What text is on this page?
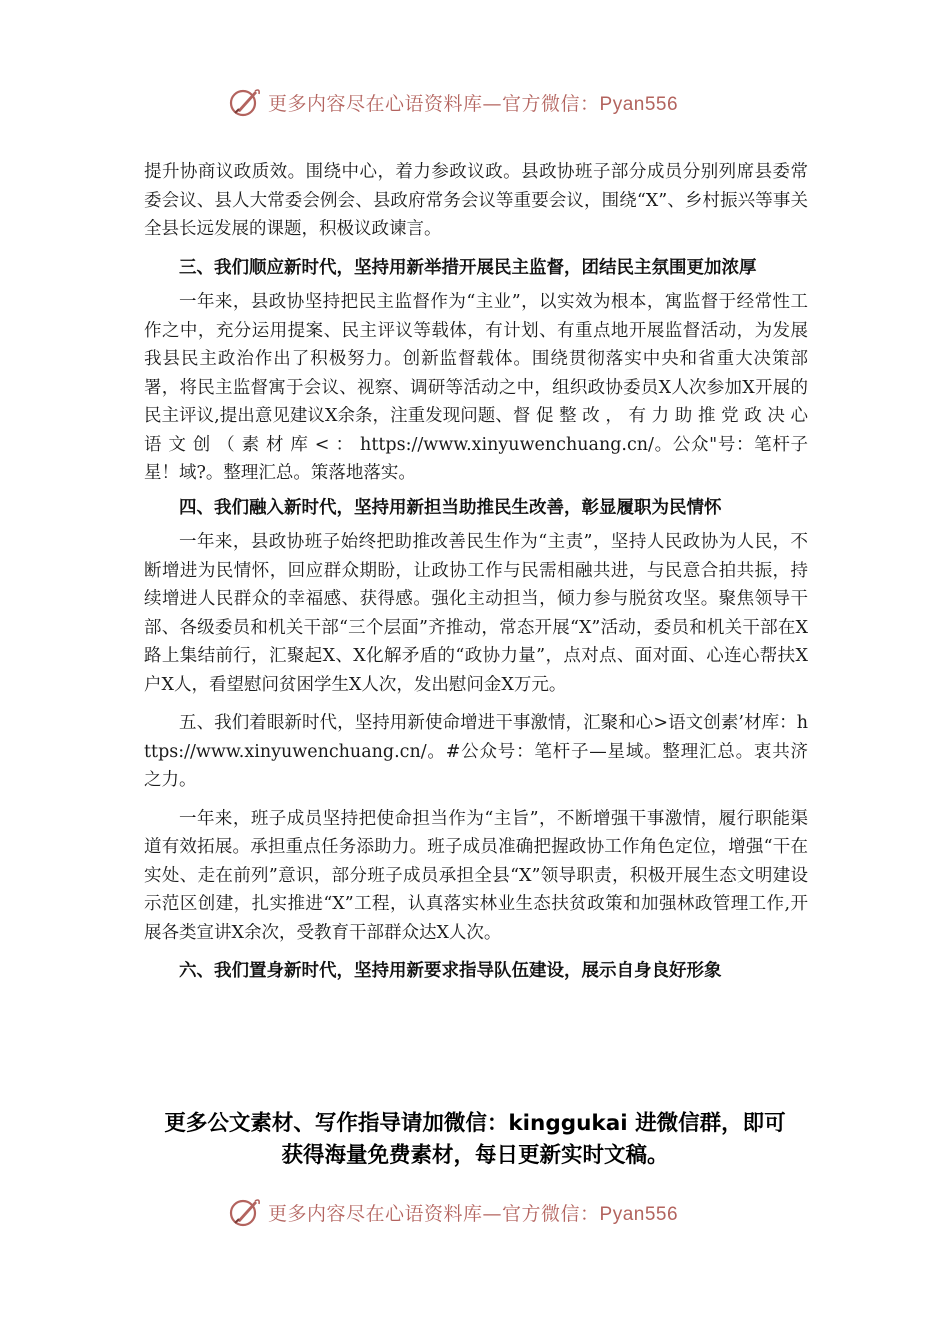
更多内容尽在心语资料库—官方微信：Pyan556

提升协商议政质效。围绕中心，着力参政议政。县政协班子部分成员分别列席县委常委会议、县人大常委会例会、县政府常务会议等重要会议，围绕“X”、乡村振兴等事关全县长远发展的课题，积极议政谏言。

三、我们顺应新时代，坚持用新举措开展民主监督，团结民主氛围更加浓厚

一年来，县政协坚持把民主监督作为“主业”，以实效为根本，寓监督于经常性工作之中，充分运用提案、民主评议等载体，有计划、有重点地开展监督活动，为发展我县民主政治作出了积极努力。创新监督载体。围绕贯彻落实中央和省重大决策部署，将民主监督寓于会议、视察、调研等活动之中，组织政协委员X人次参加X开展的民主评议,提出意见建议X余条，注重发现问题、督 促 整 改 ， 有 力 助 推 党 政 决 心 语 文 创 （ 素 材 库 < ： https://www.xinyuwenchuang.cn/。公众"号：笔杆子星！域?。整理汇总。策落地落实。

四、我们融入新时代，坚持用新担当助推民生改善，彰显履职为民情怀

一年来，县政协班子始终把助推改善民生作为“主责”，坚持人民政协为人民，不断增进为民情怀，回应群众期盼，让政协工作与民需相融共进，与民意合拍共振，持续增进人民群众的幸福感、获得感。强化主动担当，倾力参与脱贫攻坚。聚焦领导干部、各级委员和机关干部“三个层面”齐推动，常态开展“X”活动，委员和机关干部在X路上集结前行，汇聚起X、X化解矛盾的“政协力量”，点对点、面对面、心连心帮扶X户X人，看望慰问贫困学生X人次，发出慰问金X万元。

五、我们着眼新时代，坚持用新使命增进干事激情，汇聚和心>语文创素’材库：https://www.xinyuwenchuang.cn/。#公众号：笔杆子—星域。整理汇总。衷共济之力。

一年来，班子成员坚持把使命担当作为“主旨”，不断增强干事激情，履行职能渠道有效拓展。承担重点任务添助力。班子成员准确把握政协工作角色定位，增强“干在实处、走在前列”意识，部分班子成员承担全县“X”领导职责，积极开展生态文明建设示范区创建，扎实推进“X”工程，认真落实林业生态扶贫政策和加强林政管理工作,开展各类宣讲X余次，受教育干部群众达X人次。

六、我们置身新时代，坚持用新要求指导队伍建设，展示自身良好形象

更多公文素材、写作指导请加微信：kinggukai 进微信群，即可
获得海量免费素材，每日更新实时文稿。
更多内容尽在心语资料库—官方微信：Pyan556
